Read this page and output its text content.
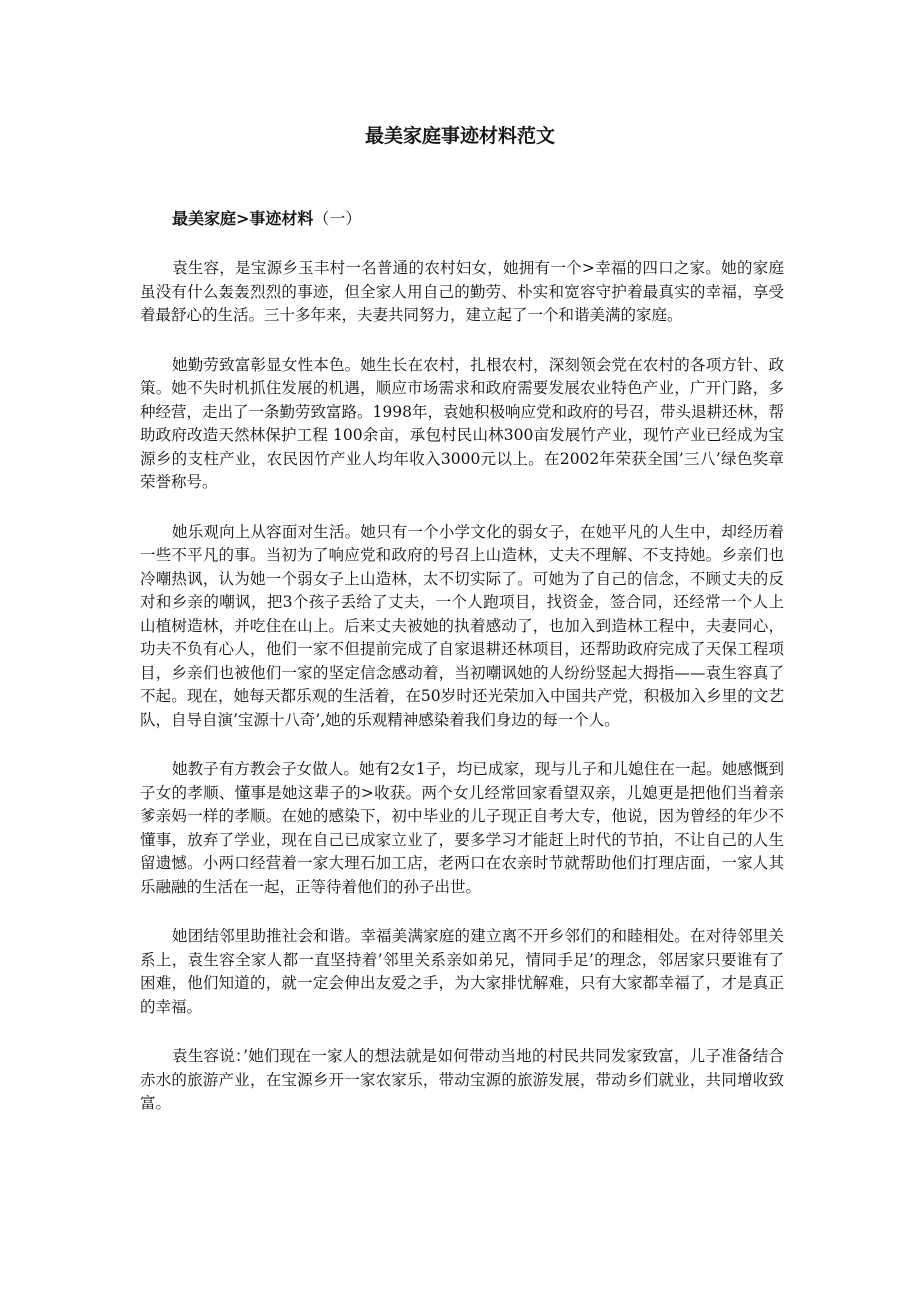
最美家庭事迹材料范文

最美家庭>事迹材料（一）

袁生容，是宝源乡玉丰村一名普通的农村妇女，她拥有一个>幸福的四口之家。她的家庭虽没有什么轰轰烈烈的事迹，但全家人用自己的勤劳、朴实和宽容守护着最真实的幸福，享受着最舒心的生活。三十多年来，夫妻共同努力，建立起了一个和谐美满的家庭。

她勤劳致富彰显女性本色。她生长在农村，扎根农村，深刻领会党在农村的各项方针、政策。她不失时机抓住发展的机遇，顺应市场需求和政府需要发展农业特色产业，广开门路，多种经营，走出了一条勤劳致富路。1998年，袁她积极响应党和政府的号召，带头退耕还林，帮助政府改造天然林保护工程 100余亩，承包村民山林300亩发展竹产业，现竹产业已经成为宝源乡的支柱产业，农民因竹产业人均年收入3000元以上。在2002年荣获全国’三八’绿色奖章荣誉称号。

她乐观向上从容面对生活。她只有一个小学文化的弱女子，在她平凡的人生中，却经历着一些不平凡的事。当初为了响应党和政府的号召上山造林，丈夫不理解、不支持她。乡亲们也冷嘲热讽，认为她一个弱女子上山造林，太不切实际了。可她为了自己的信念，不顾丈夫的反对和乡亲的嘲讽，把3个孩子丢给了丈夫，一个人跑项目，找资金，签合同，还经常一个人上山植树造林，并吃住在山上。后来丈夫被她的执着感动了，也加入到造林工程中，夫妻同心，功夫不负有心人，他们一家不但提前完成了自家退耕还林项目，还帮助政府完成了天保工程项目，乡亲们也被他们一家的坚定信念感动着，当初嘲讽她的人纷纷竖起大拇指——袁生容真了不起。现在，她每天都乐观的生活着，在50岁时还光荣加入中国共产党，积极加入乡里的文艺队，自导自演’宝源十八奇’,她的乐观精神感染着我们身边的每一个人。

她教子有方教会子女做人。她有2女1子，均已成家，现与儿子和儿媳住在一起。她感慨到子女的孝顺、懂事是她这辈子的>收获。两个女儿经常回家看望双亲，儿媳更是把他们当着亲爹亲妈一样的孝顺。在她的感染下，初中毕业的儿子现正自考大专，他说，因为曾经的年少不懂事，放弃了学业，现在自己已成家立业了，要多学习才能赶上时代的节拍，不让自己的人生留遗憾。小两口经营着一家大理石加工店，老两口在农亲时节就帮助他们打理店面，一家人其乐融融的生活在一起，正等待着他们的孙子出世。

她团结邻里助推社会和谐。幸福美满家庭的建立离不开乡邻们的和睦相处。在对待邻里关系上，袁生容全家人都一直坚持着’邻里关系亲如弟兄，情同手足’的理念，邻居家只要谁有了困难，他们知道的，就一定会伸出友爱之手，为大家排忧解难，只有大家都幸福了，才是真正的幸福。

袁生容说：’她们现在一家人的想法就是如何带动当地的村民共同发家致富，儿子准备结合赤水的旅游产业，在宝源乡开一家农家乐，带动宝源的旅游发展，带动乡们就业，共同增收致富。
